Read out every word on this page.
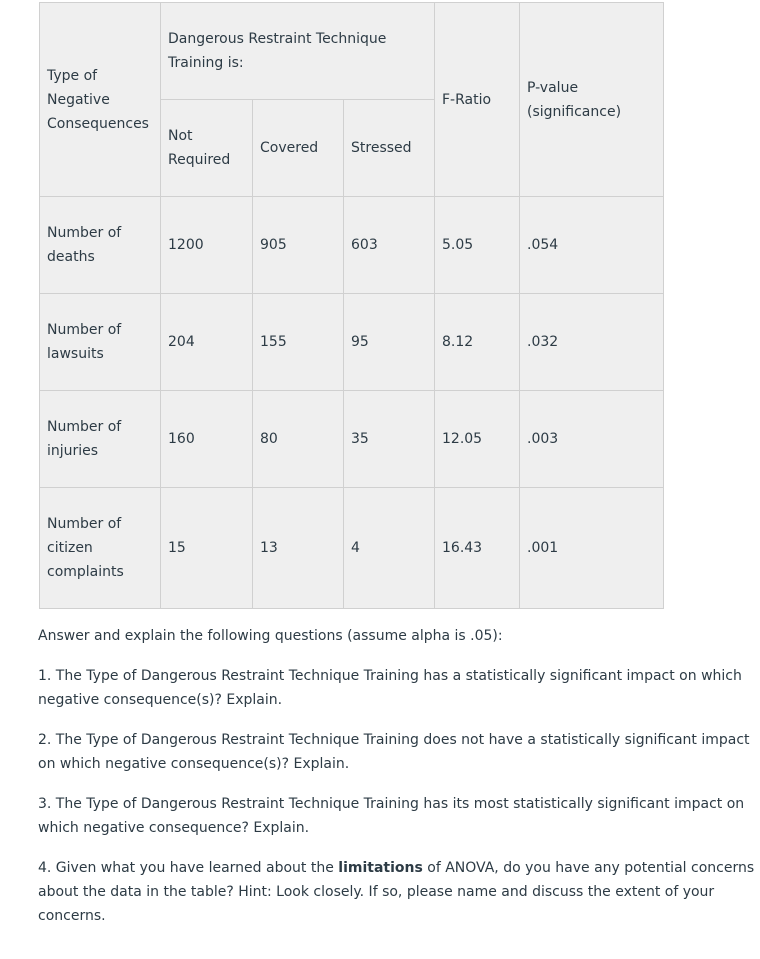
Type of Negative Consequences	Dangerous Restraint Technique Training is:			F-Ratio	P-value (significance)
	Not Required	Covered	Stressed		
Number of deaths	1200	905	603	5.05	.054
Number of lawsuits	204	155	95	8.12	.032
Number of injuries	160	80	35	12.05	.003
Number of citizen complaints	15	13	4	16.43	.001

Answer and explain the following questions (assume alpha is .05):

1. The Type of Dangerous Restraint Technique Training has a statistically significant impact on which negative consequence(s)? Explain.

2. The Type of Dangerous Restraint Technique Training does not have a statistically significant impact on which negative consequence(s)? Explain.

3. The Type of Dangerous Restraint Technique Training has its most statistically significant impact on which negative consequence? Explain.

4. Given what you have learned about the limitations of ANOVA, do you have any potential concerns about the data in the table? Hint: Look closely. If so, please name and discuss the extent of your concerns.
